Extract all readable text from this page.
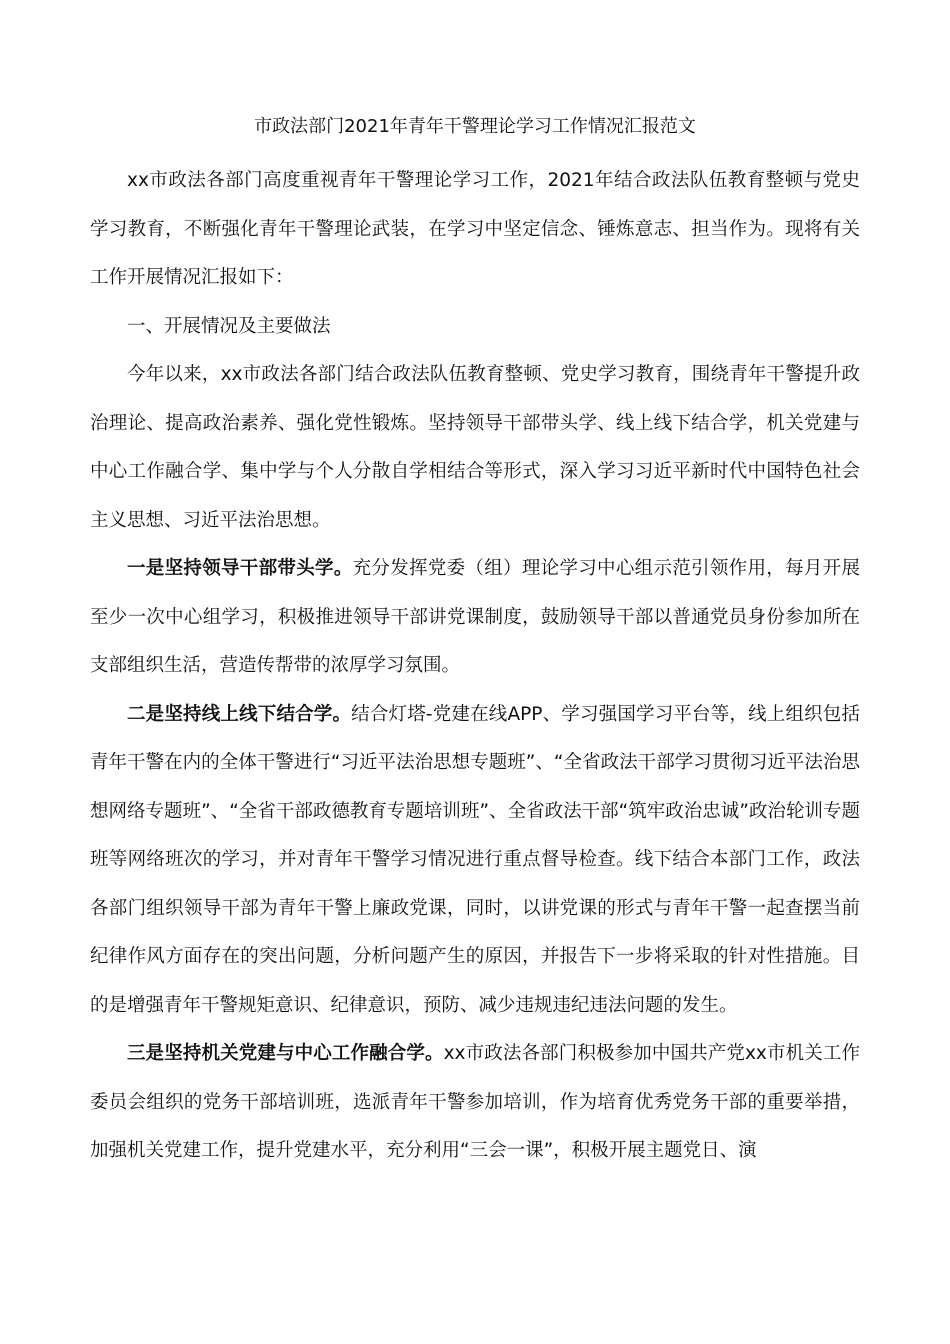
市政法部门2021年青年干警理论学习工作情况汇报范文

xx市政法各部门高度重视青年干警理论学习工作，2021年结合政法队伍教育整顿与党史学习教育，不断强化青年干警理论武装，在学习中坚定信念、锤炼意志、担当作为。现将有关工作开展情况汇报如下：

一、开展情况及主要做法

今年以来，xx市政法各部门结合政法队伍教育整顿、党史学习教育，围绕青年干警提升政治理论、提高政治素养、强化党性锻炼。坚持领导干部带头学、线上线下结合学，机关党建与中心工作融合学、集中学与个人分散自学相结合等形式，深入学习习近平新时代中国特色社会主义思想、习近平法治思想。

一是坚持领导干部带头学。充分发挥党委（组）理论学习中心组示范引领作用，每月开展至少一次中心组学习，积极推进领导干部讲党课制度，鼓励领导干部以普通党员身份参加所在支部组织生活，营造传帮带的浓厚学习氛围。

二是坚持线上线下结合学。结合灯塔-党建在线APP、学习强国学习平台等，线上组织包括青年干警在内的全体干警进行“习近平法治思想专题班”、“全省政法干部学习贯彻习近平法治思想网络专题班”、“全省干部政德教育专题培训班”、全省政法干部“筑牢政治忠诚”政治轮训专题班等网络班次的学习，并对青年干警学习情况进行重点督导检查。线下结合本部门工作，政法各部门组织领导干部为青年干警上廉政党课，同时，以讲党课的形式与青年干警一起查摆当前纪律作风方面存在的突出问题，分析问题产生的原因，并报告下一步将采取的针对性措施。目的是增强青年干警规矩意识、纪律意识，预防、减少违规违纪违法问题的发生。

三是坚持机关党建与中心工作融合学。xx市政法各部门积极参加中国共产党xx市机关工作委员会组织的党务干部培训班，选派青年干警参加培训，作为培育优秀党务干部的重要举措，加强机关党建工作，提升党建水平，充分利用“三会一课”，积极开展主题党日、演
